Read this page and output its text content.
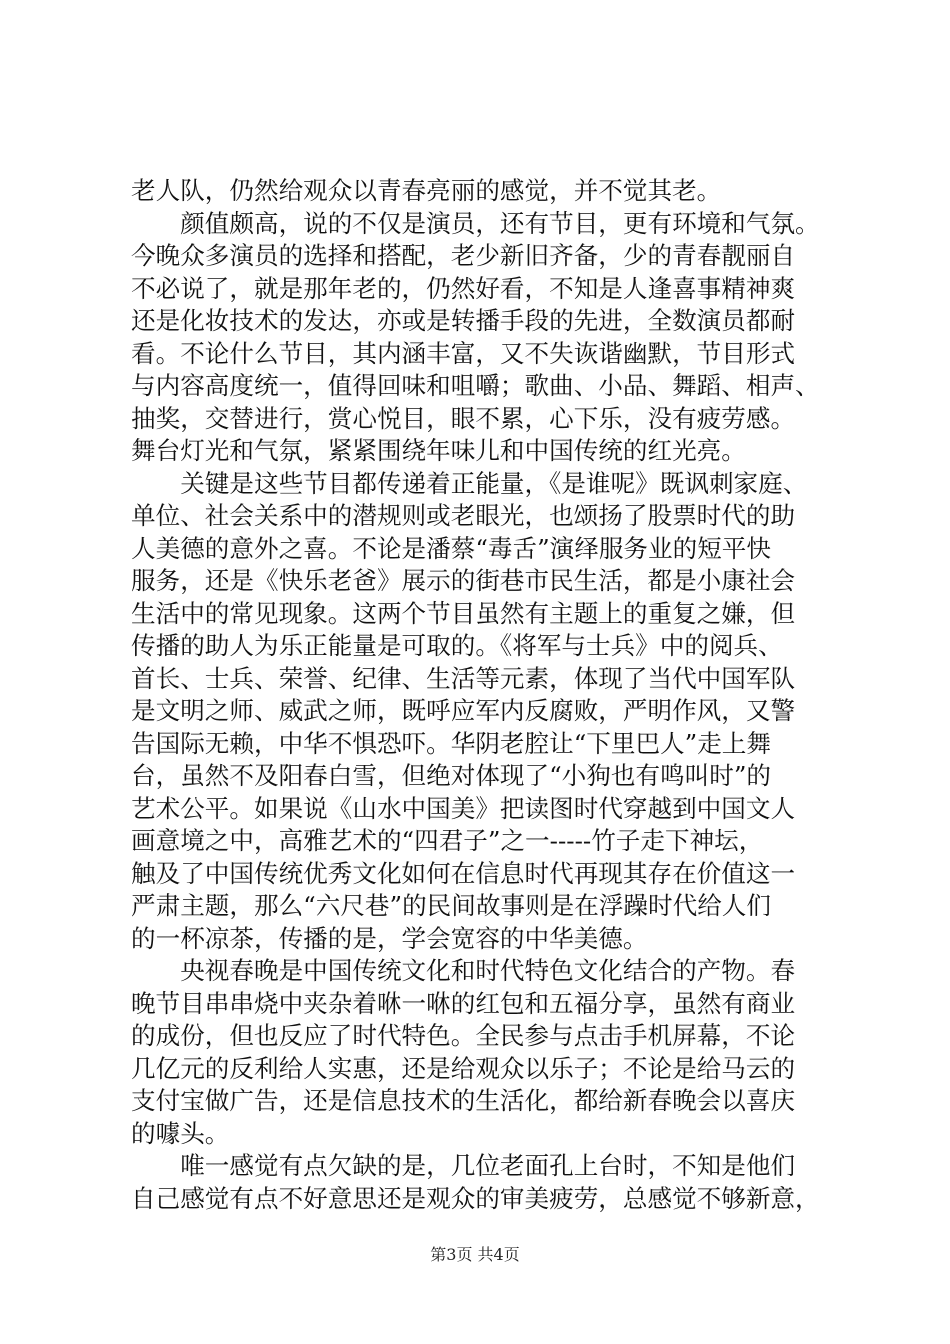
老人队，仍然给观众以青春亮丽的感觉，并不觉其老。
　　颜值颇高，说的不仅是演员，还有节目，更有环境和气氛。
今晚众多演员的选择和搭配，老少新旧齐备，少的青春靓丽自
不必说了，就是那年老的，仍然好看，不知是人逢喜事精神爽
还是化妆技术的发达，亦或是转播手段的先进，全数演员都耐
看。不论什么节目，其内涵丰富，又不失诙谐幽默，节目形式
与内容高度统一，值得回味和咀嚼；歌曲、小品、舞蹈、相声、
抽奖，交替进行，赏心悦目，眼不累，心下乐，没有疲劳感。
舞台灯光和气氛，紧紧围绕年味儿和中国传统的红光亮。
　　关键是这些节目都传递着正能量，《是谁呢》既讽刺家庭、
单位、社会关系中的潜规则或老眼光，也颂扬了股票时代的助
人美德的意外之喜。不论是潘蔡“毒舌”演绎服务业的短平快
服务，还是《快乐老爸》展示的街巷市民生活，都是小康社会
生活中的常见现象。这两个节目虽然有主题上的重复之嫌，但
传播的助人为乐正能量是可取的。《将军与士兵》中的阅兵、
首长、士兵、荣誉、纪律、生活等元素，体现了当代中国军队
是文明之师、威武之师，既呼应军内反腐败，严明作风，又警
告国际无赖，中华不惧恐吓。华阴老腔让“下里巴人”走上舞
台，虽然不及阳春白雪，但绝对体现了“小狗也有鸣叫时”的
艺术公平。如果说《山水中国美》把读图时代穿越到中国文人
画意境之中，高雅艺术的“四君子”之一-----竹子走下神坛，
触及了中国传统优秀文化如何在信息时代再现其存在价值这一
严肃主题，那么“六尺巷”的民间故事则是在浮躁时代给人们
的一杯凉茶，传播的是，学会宽容的中华美德。
　　央视春晚是中国传统文化和时代特色文化结合的产物。春
晚节目串串烧中夹杂着咻一咻的红包和五福分享，虽然有商业
的成份，但也反应了时代特色。全民参与点击手机屏幕，不论
几亿元的反利给人实惠，还是给观众以乐子；不论是给马云的
支付宝做广告，还是信息技术的生活化，都给新春晚会以喜庆
的噱头。
　　唯一感觉有点欠缺的是，几位老面孔上台时，不知是他们
自己感觉有点不好意思还是观众的审美疲劳，总感觉不够新意，
第3页 共4页
